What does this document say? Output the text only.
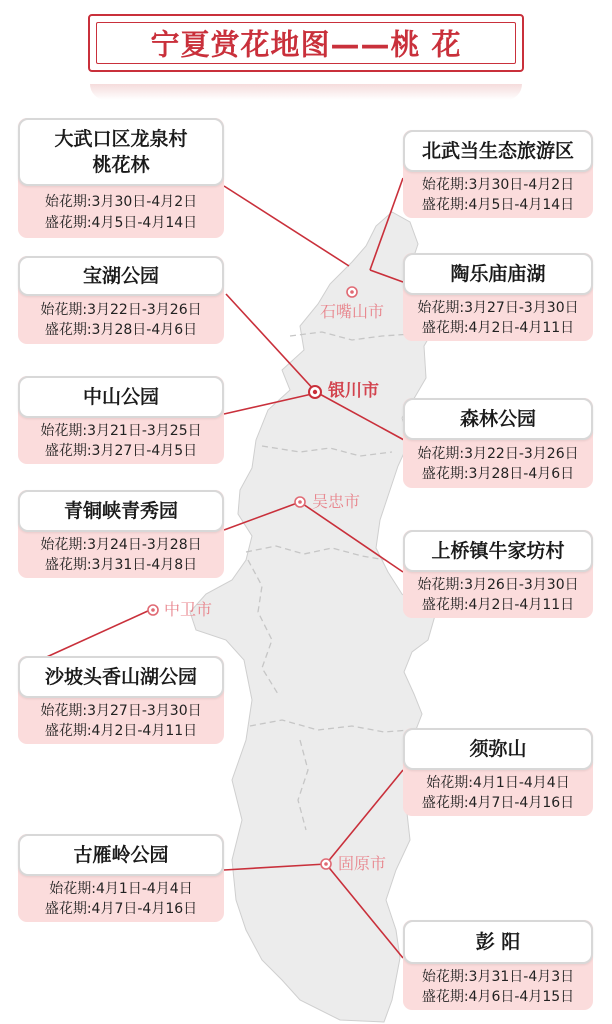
宁夏赏花地图——桃 花
石嘴山市
银川市
吴忠市
中卫市
固原市
大武口区龙泉村
桃花林
始花期:3月30日-4月2日
盛花期:4月5日-4月14日
北武当生态旅游区
始花期:3月30日-4月2日
盛花期:4月5日-4月14日
宝湖公园
始花期:3月22日-3月26日
盛花期:3月28日-4月6日
陶乐庙庙湖
始花期:3月27日-3月30日
盛花期:4月2日-4月11日
中山公园
始花期:3月21日-3月25日
盛花期:3月27日-4月5日
森林公园
始花期:3月22日-3月26日
盛花期:3月28日-4月6日
青铜峡青秀园
始花期:3月24日-3月28日
盛花期:3月31日-4月8日
上桥镇牛家坊村
始花期:3月26日-3月30日
盛花期:4月2日-4月11日
沙坡头香山湖公园
始花期:3月27日-3月30日
盛花期:4月2日-4月11日
须弥山
始花期:4月1日-4月4日
盛花期:4月7日-4月16日
古雁岭公园
始花期:4月1日-4月4日
盛花期:4月7日-4月16日
彭 阳
始花期:3月31日-4月3日
盛花期:4月6日-4月15日
